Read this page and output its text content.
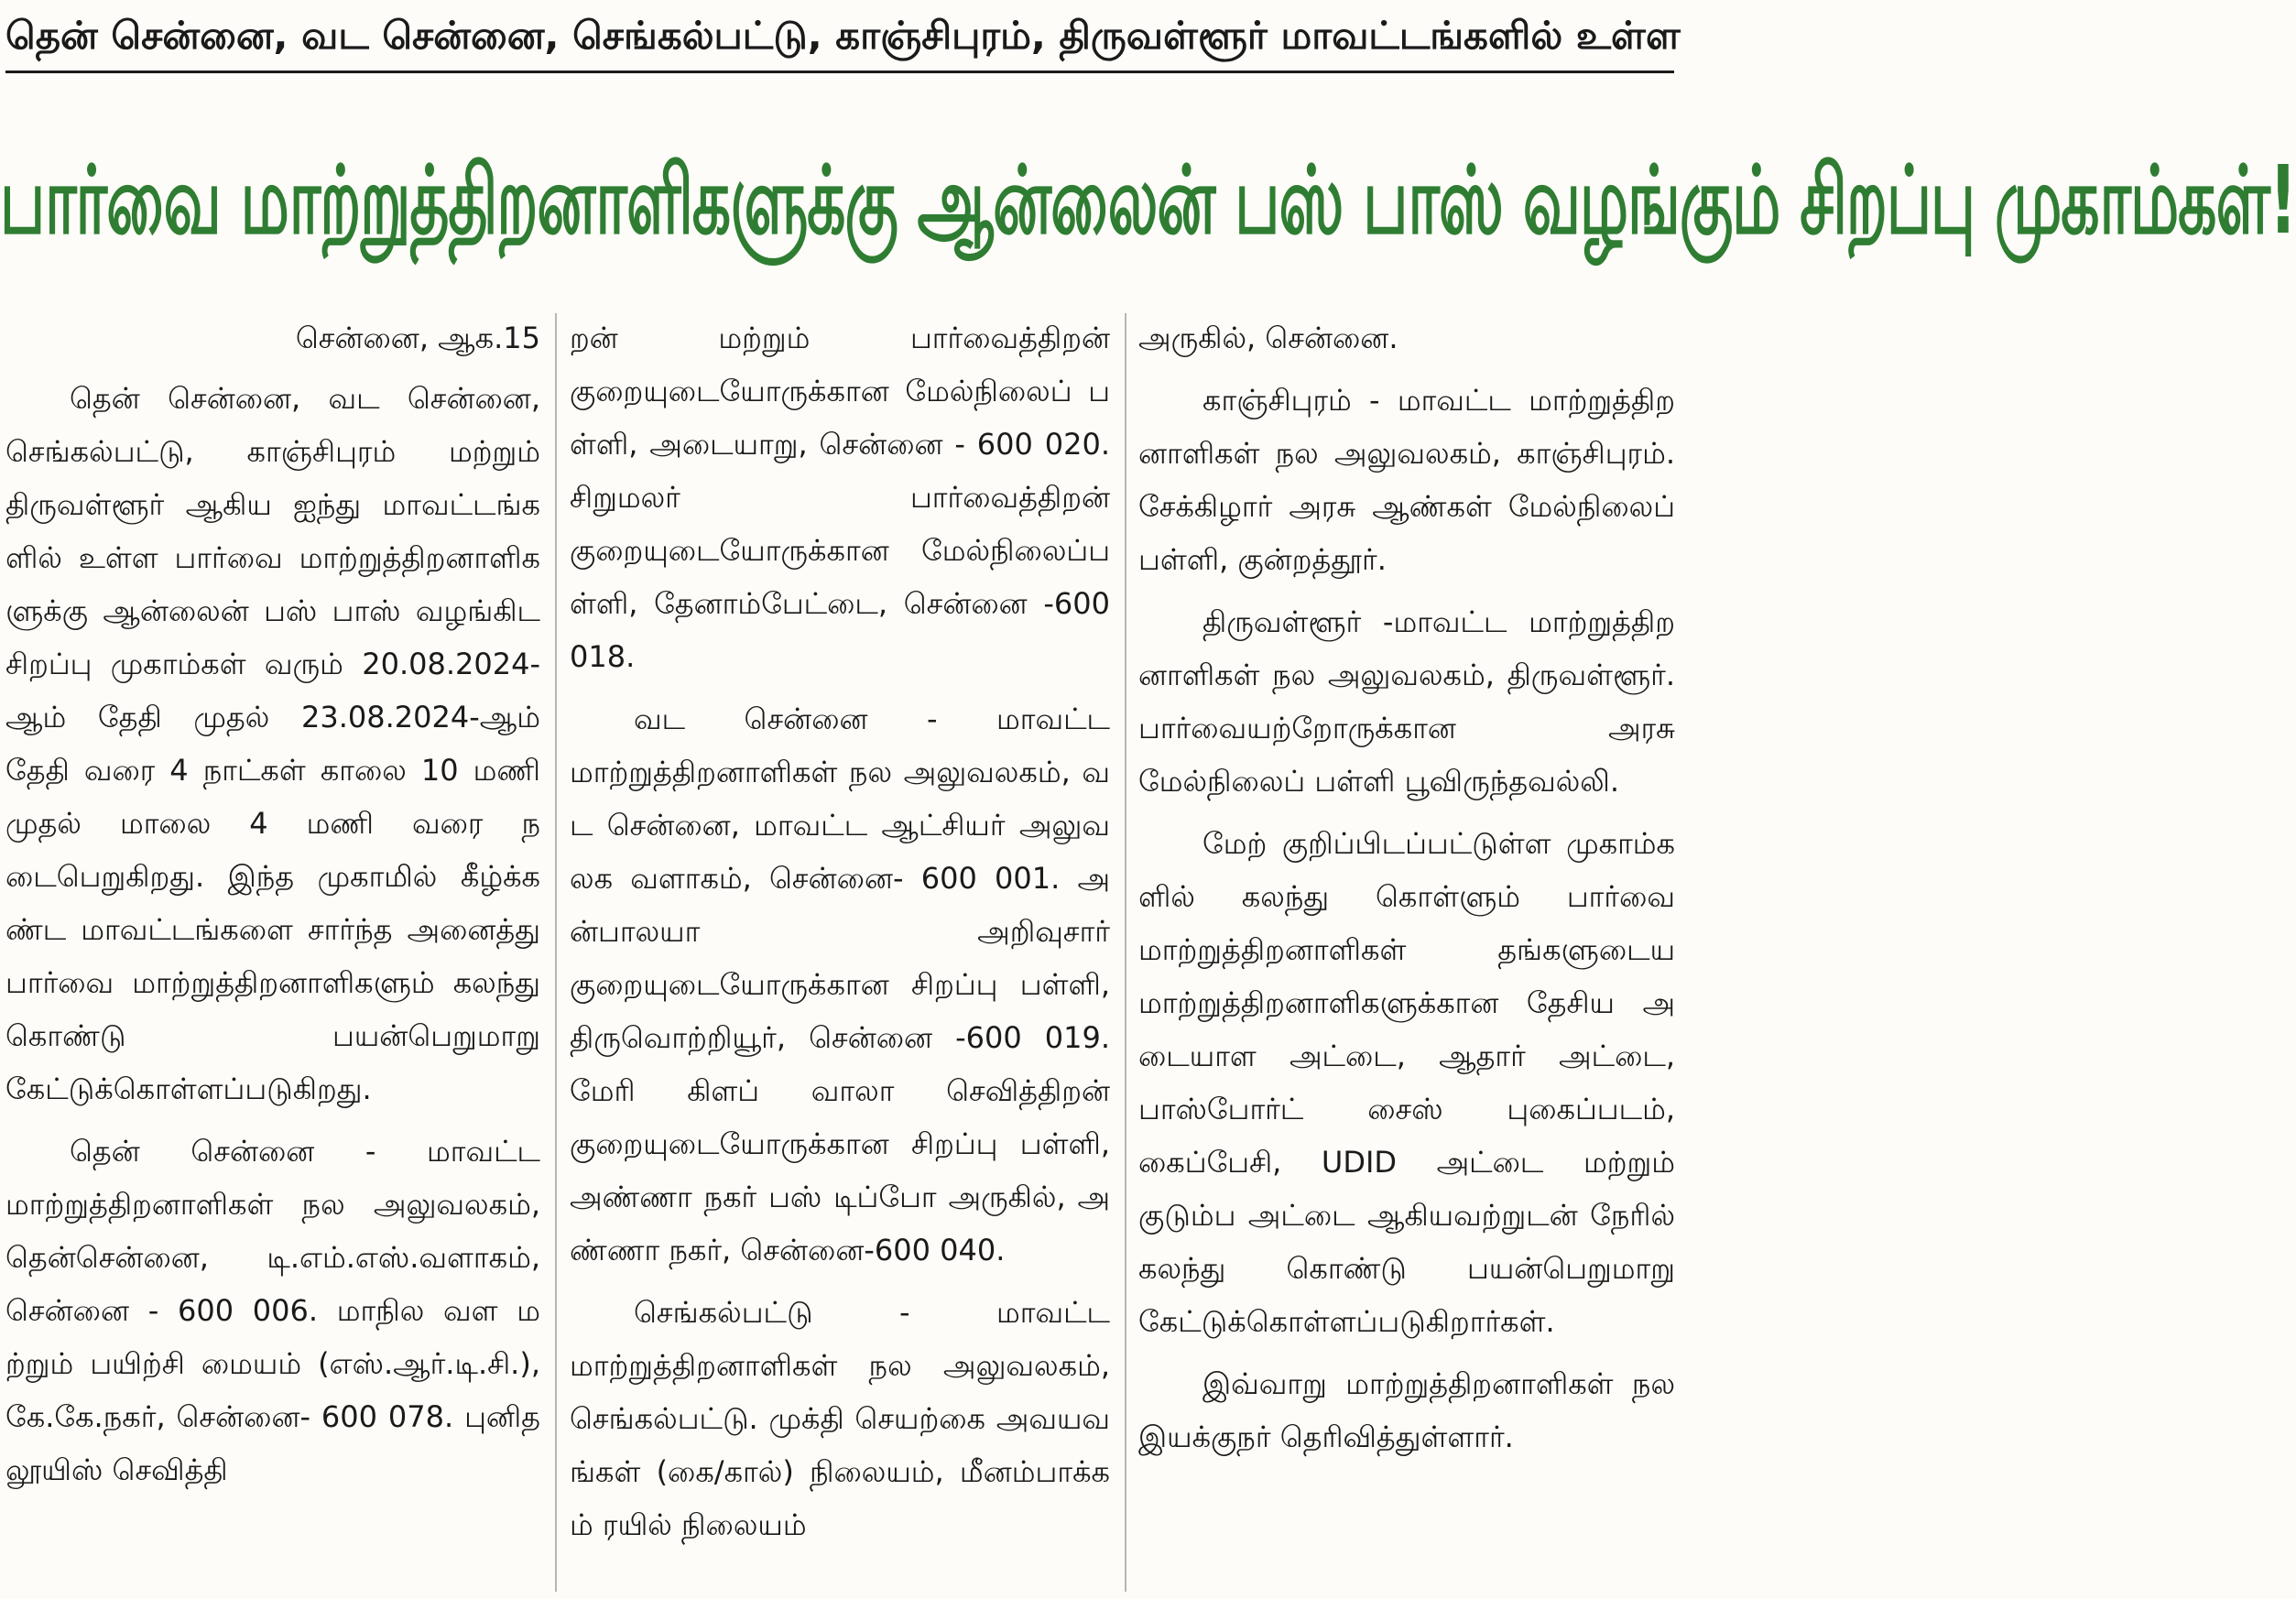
தென் சென்னை, வட சென்னை, செங்கல்பட்டு, காஞ்சிபுரம், திருவள்ளூர் மாவட்டங்களில் உள்ள
பார்வை மாற்றுத்திறனாளிகளுக்கு ஆன்லைன் பஸ் பாஸ் வழங்கும் சிறப்பு முகாம்கள்!

சென்னை, ஆக.15

தென் சென்னை, வட சென்னை, செங்கல்பட்டு, காஞ்சிபுரம் மற்றும் திருவள்ளூர் ஆகிய ஐந்து மாவட்டங்களில் உள்ள பார்வை மாற்றுத்திறனாளிகளுக்கு ஆன்லைன் பஸ் பாஸ் வழங்கிட சிறப்பு முகாம்கள் வரும் 20.08.2024-ஆம் தேதி முதல் 23.08.2024-ஆம் தேதி வரை 4 நாட்கள் காலை 10 மணி முதல் மாலை 4 மணி வரை நடைபெறுகிறது. இந்த முகாமில் கீழ்க்கண்ட மாவட்டங்களை சார்ந்த அனைத்து பார்வை மாற்றுத்திறனாளிகளும் கலந்து கொண்டு பயன்பெறுமாறு கேட்டுக்கொள்ளப்படுகிறது.

தென் சென்னை - மாவட்ட மாற்றுத்திறனாளிகள் நல அலுவலகம், தென்சென்னை, டி.எம்.எஸ்.வளாகம், சென்னை - 600 006. மாநில வள மற்றும் பயிற்சி மையம் (எஸ்.ஆர்.டி.சி.), கே.கே.நகர், சென்னை- 600 078. புனித லூயிஸ் செவித்தி

றன் மற்றும் பார்வைத்திறன் குறையுடையோருக்கான மேல்நிலைப் பள்ளி, அடையாறு, சென்னை - 600 020. சிறுமலர் பார்வைத்திறன் குறையுடையோருக்கான மேல்நிலைப்பள்ளி, தேனாம்பேட்டை, சென்னை -600 018.

வட சென்னை - மாவட்ட மாற்றுத்திறனாளிகள் நல அலுவலகம், வட சென்னை, மாவட்ட ஆட்சியர் அலுவலக வளாகம், சென்னை- 600 001. அன்பாலயா அறிவுசார் குறையுடையோருக்கான சிறப்பு பள்ளி, திருவொற்றியூர், சென்னை -600 019. மேரி கிளப் வாலா செவித்திறன் குறையுடையோருக்கான சிறப்பு பள்ளி, அண்ணா நகர் பஸ் டிப்போ அருகில், அண்ணா நகர், சென்னை-600 040.

செங்கல்பட்டு - மாவட்ட மாற்றுத்திறனாளிகள் நல அலுவலகம், செங்கல்பட்டு. முக்தி செயற்கை அவயவங்கள் (கை/கால்) நிலையம், மீனம்பாக்கம் ரயில் நிலையம்

அருகில், சென்னை.

காஞ்சிபுரம் - மாவட்ட மாற்றுத்திறனாளிகள் நல அலுவலகம், காஞ்சிபுரம். சேக்கிழார் அரசு ஆண்கள் மேல்நிலைப் பள்ளி, குன்றத்தூர்.

திருவள்ளூர் -மாவட்ட மாற்றுத்திறனாளிகள் நல அலுவலகம், திருவள்ளூர். பார்வையற்றோருக்கான அரசு மேல்நிலைப் பள்ளி பூவிருந்தவல்லி.

மேற் குறிப்பிடப்பட்டுள்ள முகாம்களில் கலந்து கொள்ளும் பார்வை மாற்றுத்திறனாளிகள் தங்களுடைய மாற்றுத்திறனாளிகளுக்கான தேசிய அடையாள அட்டை, ஆதார் அட்டை, பாஸ்போர்ட் சைஸ் புகைப்படம், கைப்பேசி, UDID அட்டை மற்றும் குடும்ப அட்டை ஆகியவற்றுடன் நேரில் கலந்து கொண்டு பயன்பெறுமாறு கேட்டுக்கொள்ளப்படுகிறார்கள்.

இவ்வாறு மாற்றுத்திறனாளிகள் நல இயக்குநர் தெரிவித்துள்ளார்.
